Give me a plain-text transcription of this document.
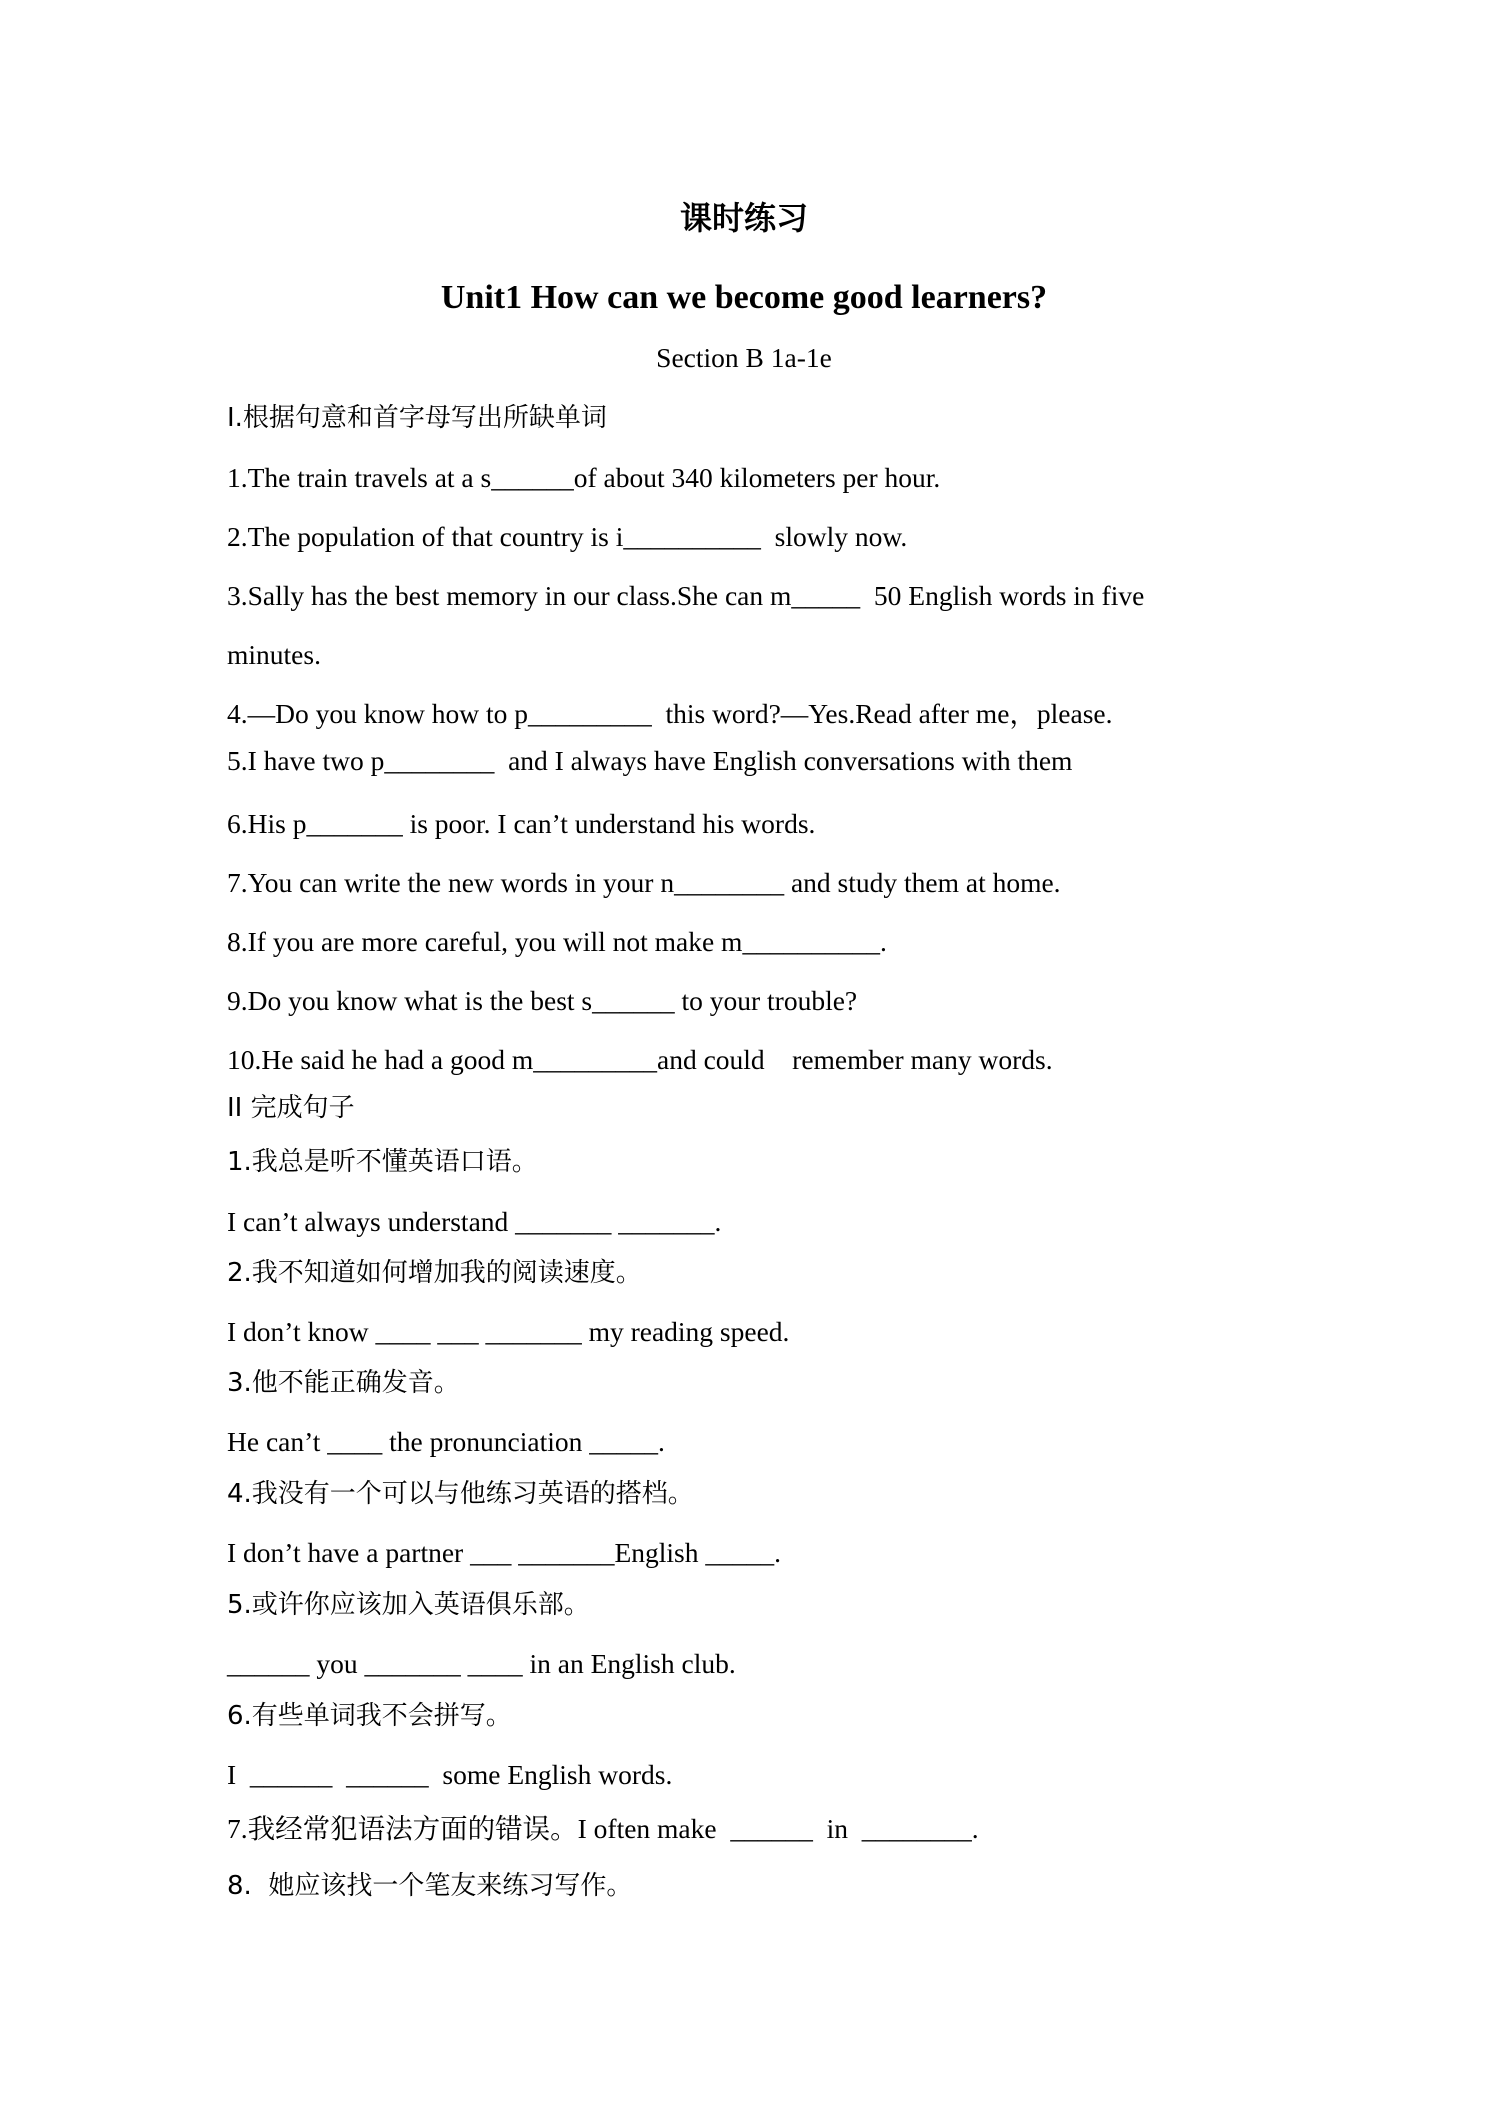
课时练习
Unit1 How can we become good learners?
Section B 1a-1e
I.根据句意和首字母写出所缺单词
1.The train travels at a s______of about 340 kilometers per hour.
2.The population of that country is i__________  slowly now.
3.Sally has the best memory in our class.She can m_____  50 English words in five
minutes.
4.—Do you know how to p_________  this word?—Yes.Read after me，please.
5.I have two p________  and I always have English conversations with them
6.His p_______ is poor. I can’t understand his words.
7.You can write the new words in your n________ and study them at home.
8.If you are more careful, you will not make m__________.
9.Do you know what is the best s______ to your trouble?
10.He said he had a good m_________and could    remember many words.
II 完成句子
1.我总是听不懂英语口语。
I can’t always understand _______ _______.
2.我不知道如何增加我的阅读速度。
I don’t know ____ ___ _______ my reading speed.
3.他不能正确发音。
He can’t ____ the pronunciation _____.
4.我没有一个可以与他练习英语的搭档。
I don’t have a partner ___ _______English _____.
5.或许你应该加入英语俱乐部。
______ you _______ ____ in an English club.
6.有些单词我不会拼写。
I  ______  ______  some English words.
7.我经常犯语法方面的错误。I often make  ______  in  ________.
8.  她应该找一个笔友来练习写作。
